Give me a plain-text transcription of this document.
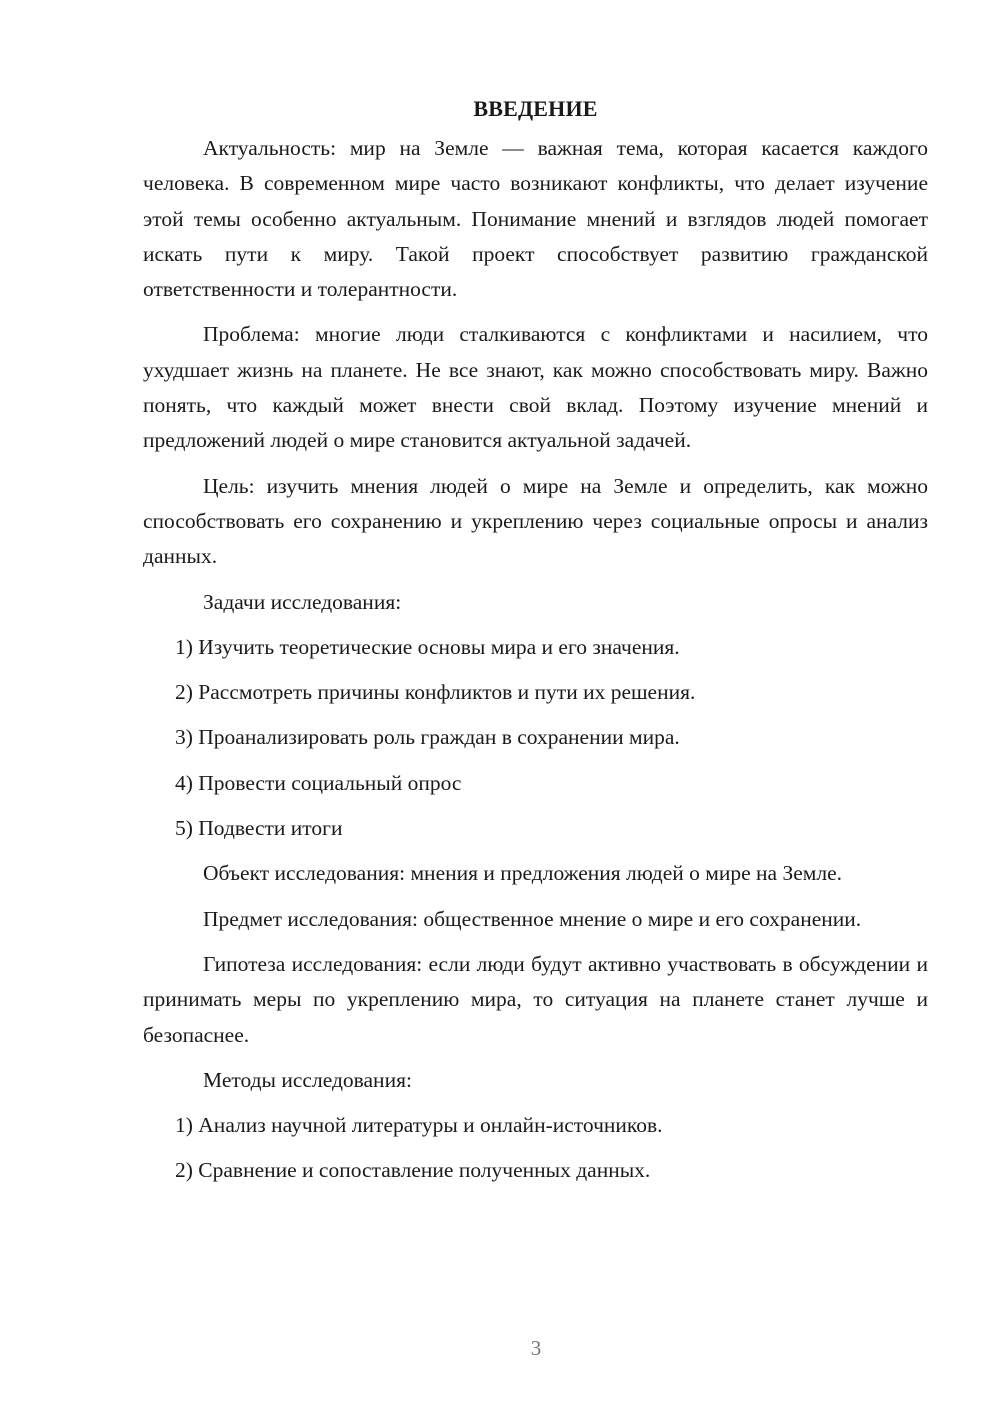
ВВЕДЕНИЕ

Актуальность: мир на Земле — важная тема, которая касается каждого человека. В современном мире часто возникают конфликты, что делает изучение этой темы особенно актуальным. Понимание мнений и взглядов людей помогает искать пути к миру. Такой проект способствует развитию гражданской ответственности и толерантности.

Проблема: многие люди сталкиваются с конфликтами и насилием, что ухудшает жизнь на планете. Не все знают, как можно способствовать миру. Важно понять, что каждый может внести свой вклад. Поэтому изучение мнений и предложений людей о мире становится актуальной задачей.

Цель: изучить мнения людей о мире на Земле и определить, как можно способствовать его сохранению и укреплению через социальные опросы и анализ данных.

Задачи исследования:

1) Изучить теоретические основы мира и его значения.

2) Рассмотреть причины конфликтов и пути их решения.

3) Проанализировать роль граждан в сохранении мира.

4) Провести социальный опрос

5) Подвести итоги

Объект исследования: мнения и предложения людей о мире на Земле.

Предмет исследования: общественное мнение о мире и его сохранении.

Гипотеза исследования: если люди будут активно участвовать в обсуждении и принимать меры по укреплению мира, то ситуация на планете станет лучше и безопаснее.

Методы исследования:

1) Анализ научной литературы и онлайн-источников.

2) Сравнение и сопоставление полученных данных.

3
